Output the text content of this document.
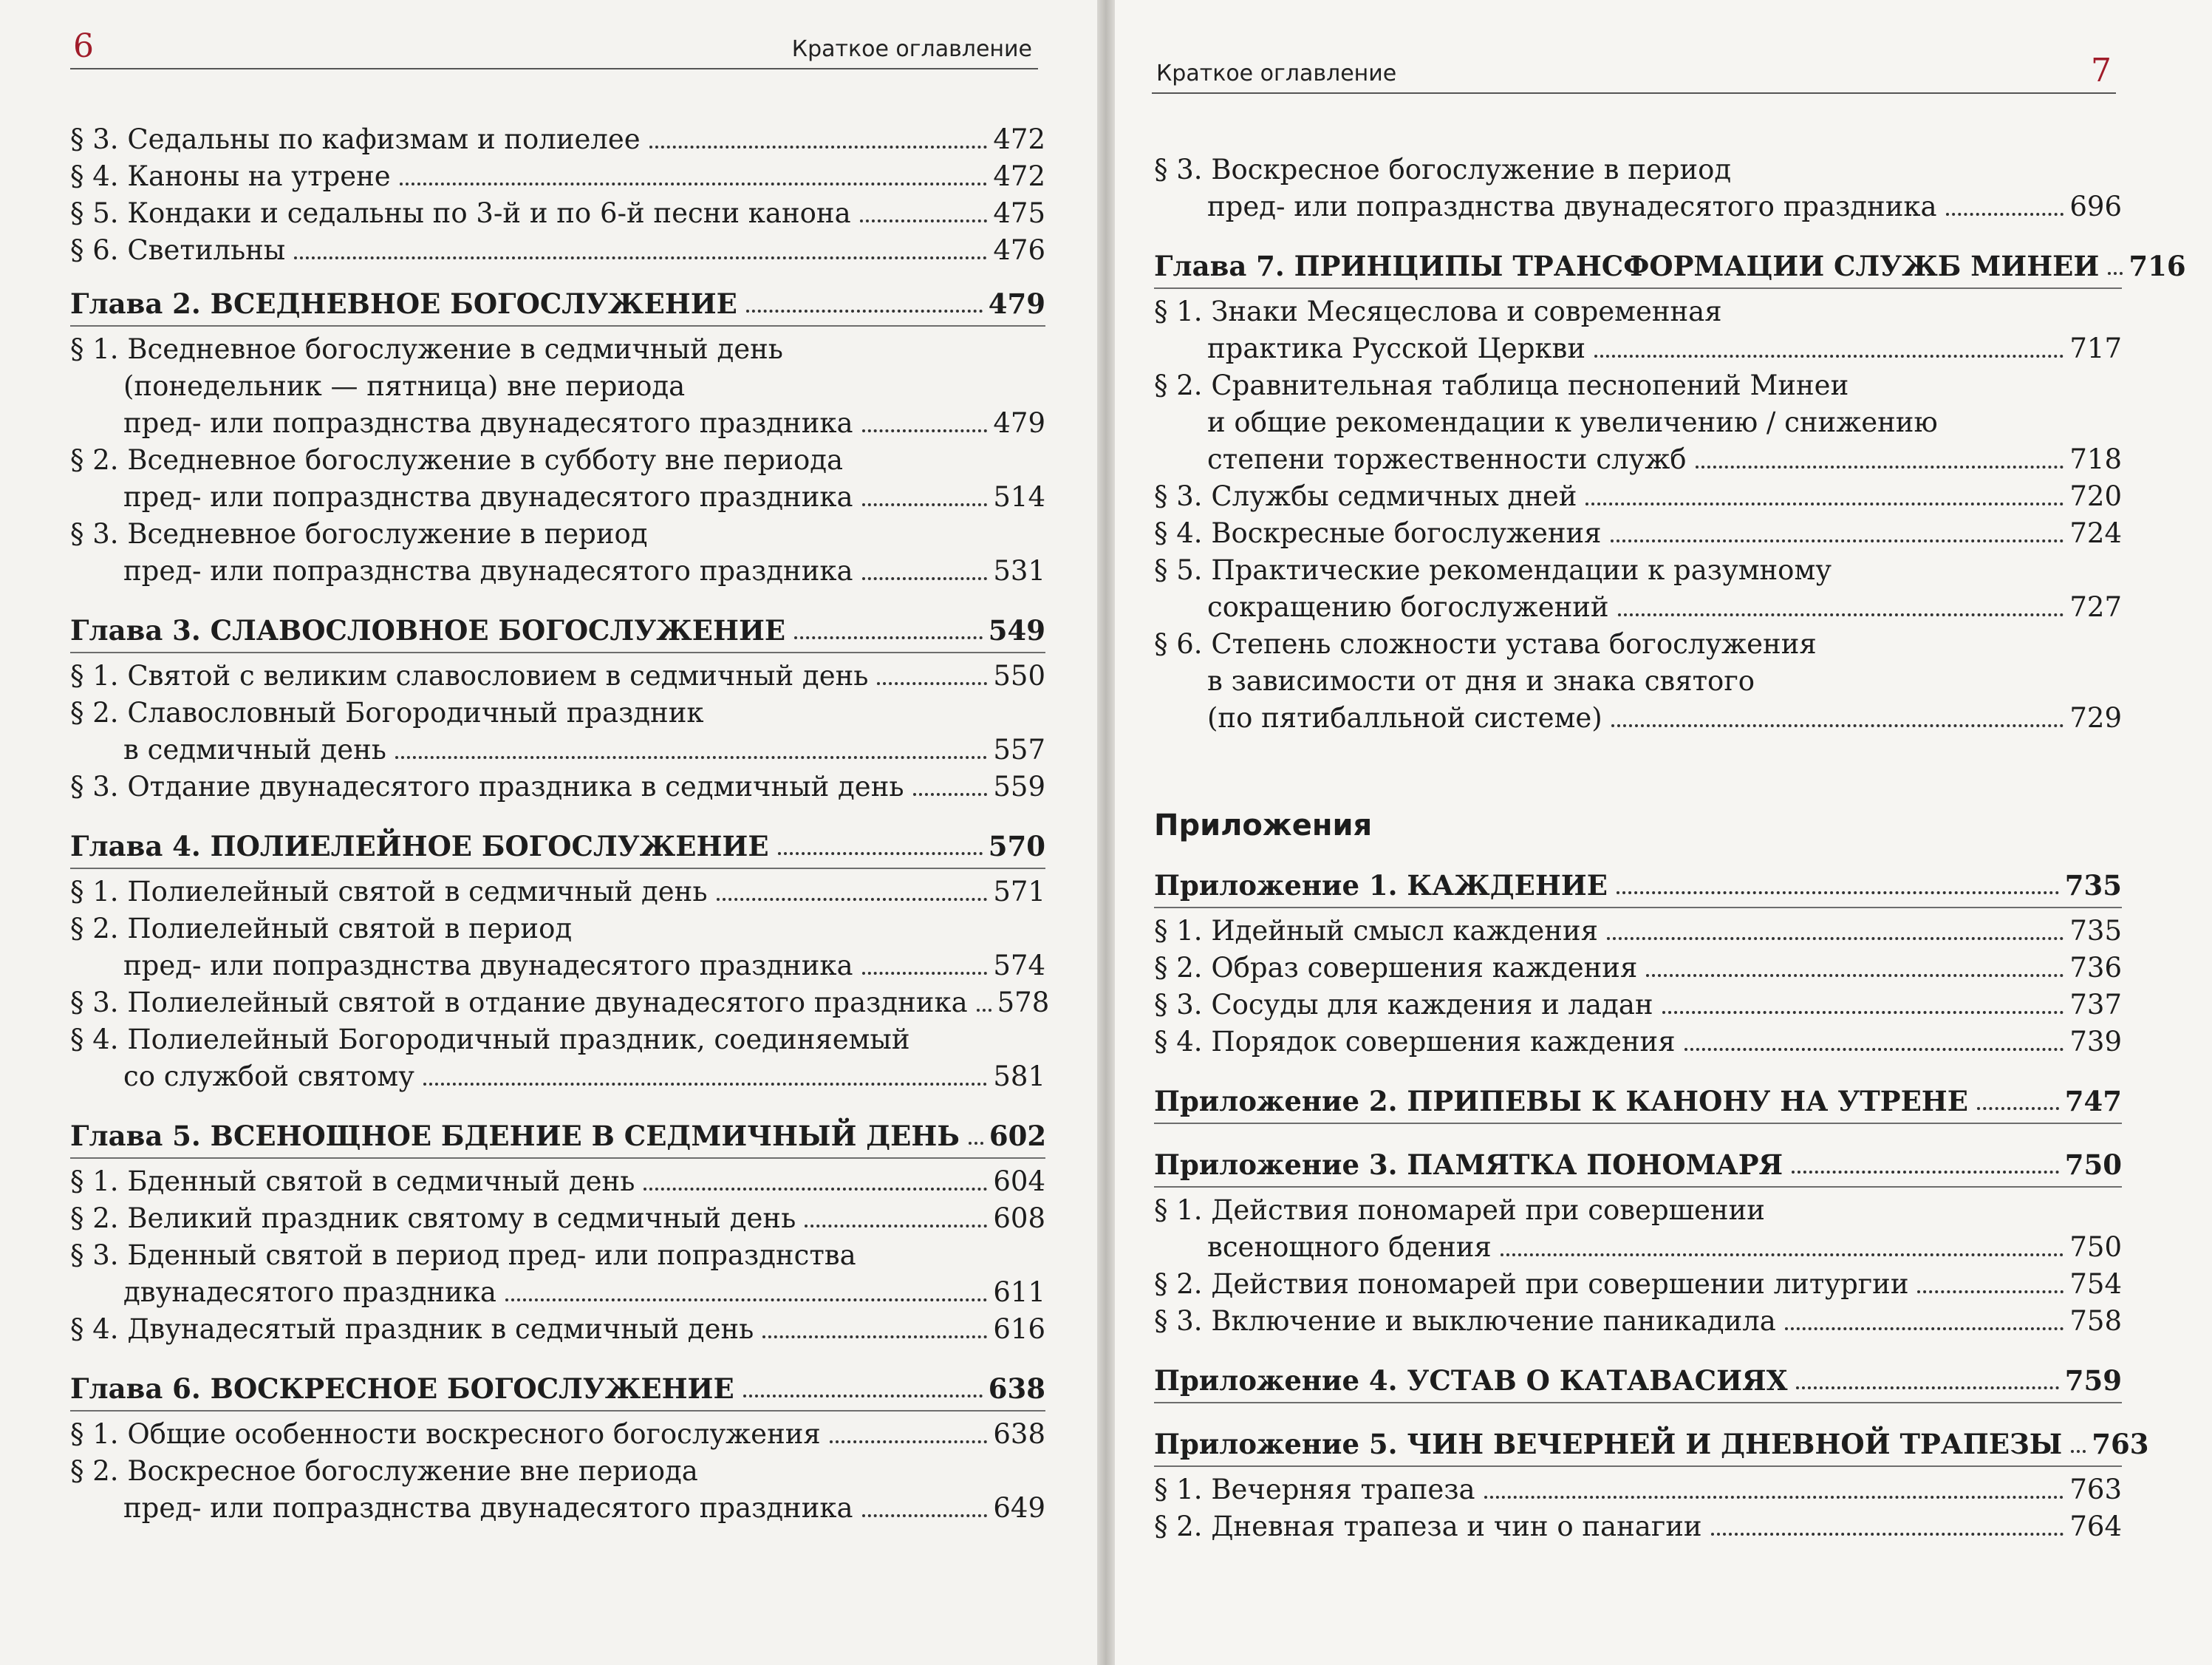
6	Краткое оглавление
§ 3. Седальны по кафизмам и полиелее	472
§ 4. Каноны на утрене	472
§ 5. Кондаки и седальны по 3-й и по 6-й песни канона	475
§ 6. Светильны	476
Глава 2. ВСЕДНЕВНОЕ БОГОСЛУЖЕНИЕ	479
§ 1. Вседневное богослужение в седмичный день
(понедельник — пятница) вне периода
пред- или попразднства двунадесятого праздника	479
§ 2. Вседневное богослужение в субботу вне периода
пред- или попразднства двунадесятого праздника	514
§ 3. Вседневное богослужение в период
пред- или попразднства двунадесятого праздника	531
Глава 3. СЛАВОСЛОВНОЕ БОГОСЛУЖЕНИЕ	549
§ 1. Святой с великим славословием в седмичный день	550
§ 2. Славословный Богородичный праздник
в седмичный день	557
§ 3. Отдание двунадесятого праздника в седмичный день	559
Глава 4. ПОЛИЕЛЕЙНОЕ БОГОСЛУЖЕНИЕ	570
§ 1. Полиелейный святой в седмичный день	571
§ 2. Полиелейный святой в период
пред- или попразднства двунадесятого праздника	574
§ 3. Полиелейный святой в отдание двунадесятого праздника 578
§ 4. Полиелейный Богородичный праздник, соединяемый
со службой святому	581
Глава 5. ВСЕНОЩНОЕ БДЕНИЕ В СЕДМИЧНЫЙ ДЕНЬ 602
§ 1. Бденный святой в седмичный день	604
§ 2. Великий праздник святому в седмичный день	608
§ 3. Бденный святой в период пред- или попразднства
двунадесятого праздника	611
§ 4. Двунадесятый праздник в седмичный день	616
Глава 6. ВОСКРЕСНОЕ БОГОСЛУЖЕНИЕ	638
§ 1. Общие особенности воскресного богослужения	638
§ 2. Воскресное богослужение вне периода
пред- или попразднства двунадесятого праздника	649
Краткое оглавление	7
§ 3. Воскресное богослужение в период
пред- или попразднства двунадесятого праздника	696
Глава 7. ПРИНЦИПЫ ТРАНСФОРМАЦИИ СЛУЖБ МИНЕИ 716
§ 1. Знаки Месяцеслова и современная
практика Русской Церкви	717
§ 2. Сравнительная таблица песнопений Минеи
и общие рекомендации к увеличению / снижению
степени торжественности служб	718
§ 3. Службы седмичных дней	720
§ 4. Воскресные богослужения	724
§ 5. Практические рекомендации к разумному
сокращению богослужений	727
§ 6. Степень сложности устава богослужения
в зависимости от дня и знака святого
(по пятибалльной системе)	729
Приложения
Приложение 1. КАЖДЕНИЕ	735
§ 1. Идейный смысл каждения	735
§ 2. Образ совершения каждения	736
§ 3. Сосуды для каждения и ладан	737
§ 4. Порядок совершения каждения	739
Приложение 2. ПРИПЕВЫ К КАНОНУ НА УТРЕНЕ	747
Приложение 3. ПАМЯТКА ПОНОМАРЯ	750
§ 1. Действия пономарей при совершении
всенощного бдения	750
§ 2. Действия пономарей при совершении литургии	754
§ 3. Включение и выключение паникадила	758
Приложение 4. УСТАВ О КАТАВАСИЯХ	759
Приложение 5. ЧИН ВЕЧЕРНЕЙ И ДНЕВНОЙ ТРАПЕЗЫ 763
§ 1. Вечерняя трапеза	763
§ 2. Дневная трапеза и чин о панагии	764
